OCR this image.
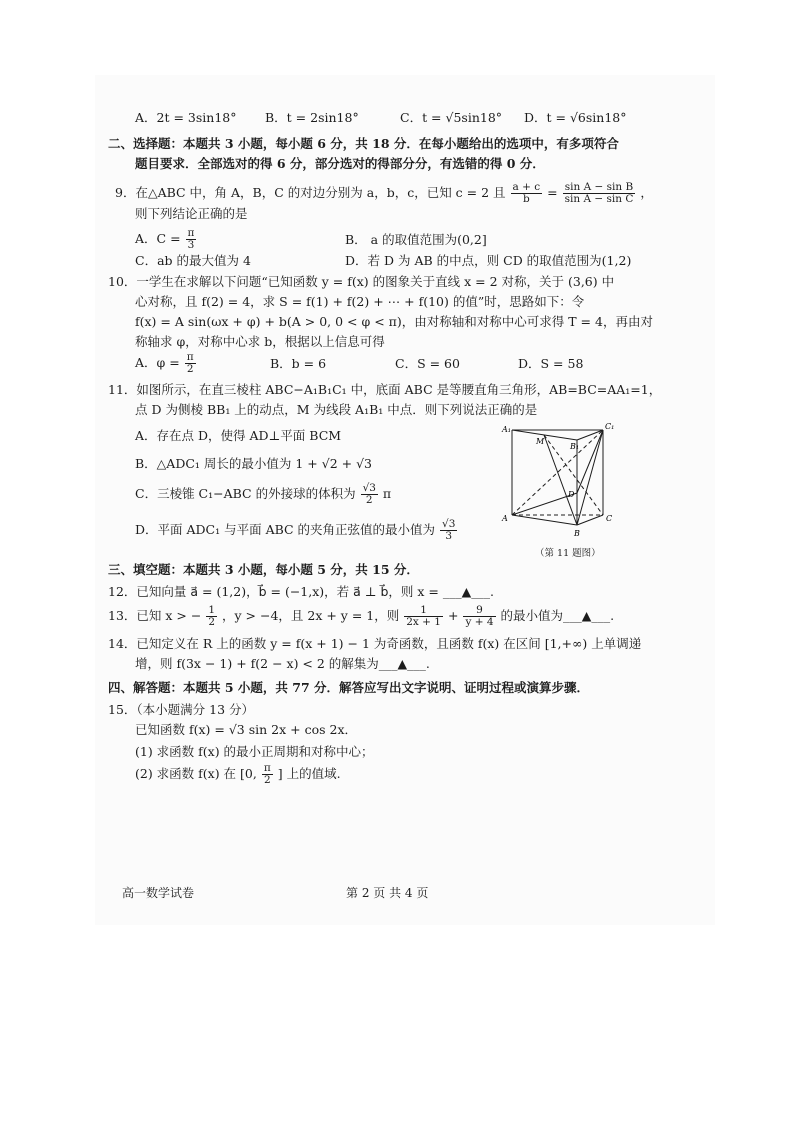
A．2t = 3sin18° B．t = 2sin18°	C．t = √5sin18° D．t = √6sin18°
二、选择题：本题共 3 小题，每小题 6 分，共 18 分．在每小题给出的选项中，有多项符合
题目要求．全部选对的得 6 分，部分选对的得部分分，有选错的得 0 分．
9．在△ABC 中，角 A，B，C 的对边分别为 a，b，c，已知 c = 2 且 $\frac{a + c}{b} = \frac{\text{sin A − sin B}}{\text{sin A − sin C}}$ ，
则下列结论正确的是
A．$C = \frac{\pi}{3}$	B． a 的取值范围为(0,2]
C．ab 的最大值为 4	D．若 D 为 AB 的中点，则 CD 的取值范围为(1,2)
10．一学生在求解以下问题“已知函数 y = f(x) 的图象关于直线 x = 2 对称，关于 (3,6) 中
心对称，且 f(2) = 4，求 S = f(1) + f(2) + ⋯ + f(10) 的值”时，思路如下：令
f(x) = A sin(ωx + φ) + b(A > 0, 0 < φ < π)，由对称轴和对称中心可求得 T = 4，再由对
称轴求 φ，对称中心求 b，根据以上信息可得
A．$\varphi = \frac{\pi}{2}$	B．b = 6	C．S = 60	D．S = 58
11．如图所示，在直三棱柱 ABC−A₁B₁C₁ 中，底面 ABC 是等腰直角三角形，AB=BC=AA₁=1，
点 D 为侧棱 BB₁ 上的动点，M 为线段 A₁B₁ 中点．则下列说法正确的是
A．存在点 D，使得 AD⊥平面 BCM
B．△ADC₁ 周长的最小值为 1 + √2 + √3
C．三棱锥 C₁−ABC 的外接球的体积为 $\frac{√3}{2}$ π
D．平面 ADC₁ 与平面 ABC 的夹角正弦值的最小值为 $\frac{√3}{3}$
A₁
B₁
C₁
M
D
A
B
C
（第 11 题图）
三、填空题：本题共 3 小题，每小题 5 分，共 15 分．
12．已知向量 a⃗ = (1,2)，b⃗ = (−1,x)，若 a⃗ ⊥ b⃗，则 x = ___▲___.
13．已知 x > − $\frac{1}{2}$ ，y > −4，且 2x + y = 1，则 $\frac{1}{2x + 1} + \frac{9}{y + 4}$ 的最小值为___▲___.
14．已知定义在 R 上的函数 y = f(x + 1) − 1 为奇函数，且函数 f(x) 在区间 [1,+∞) 上单调递
增，则 f(3x − 1) + f(2 − x) < 2 的解集为___▲___.
四、解答题：本题共 5 小题，共 77 分．解答应写出文字说明、证明过程或演算步骤．
15．（本小题满分 13 分）
已知函数 f(x) = √3 sin 2x + cos 2x．
(1) 求函数 f(x) 的最小正周期和对称中心；
(2) 求函数 f(x) 在 [0, $\frac{\pi}{2}$ ] 上的值域.
高一数学试卷	第 2 页 共 4 页
